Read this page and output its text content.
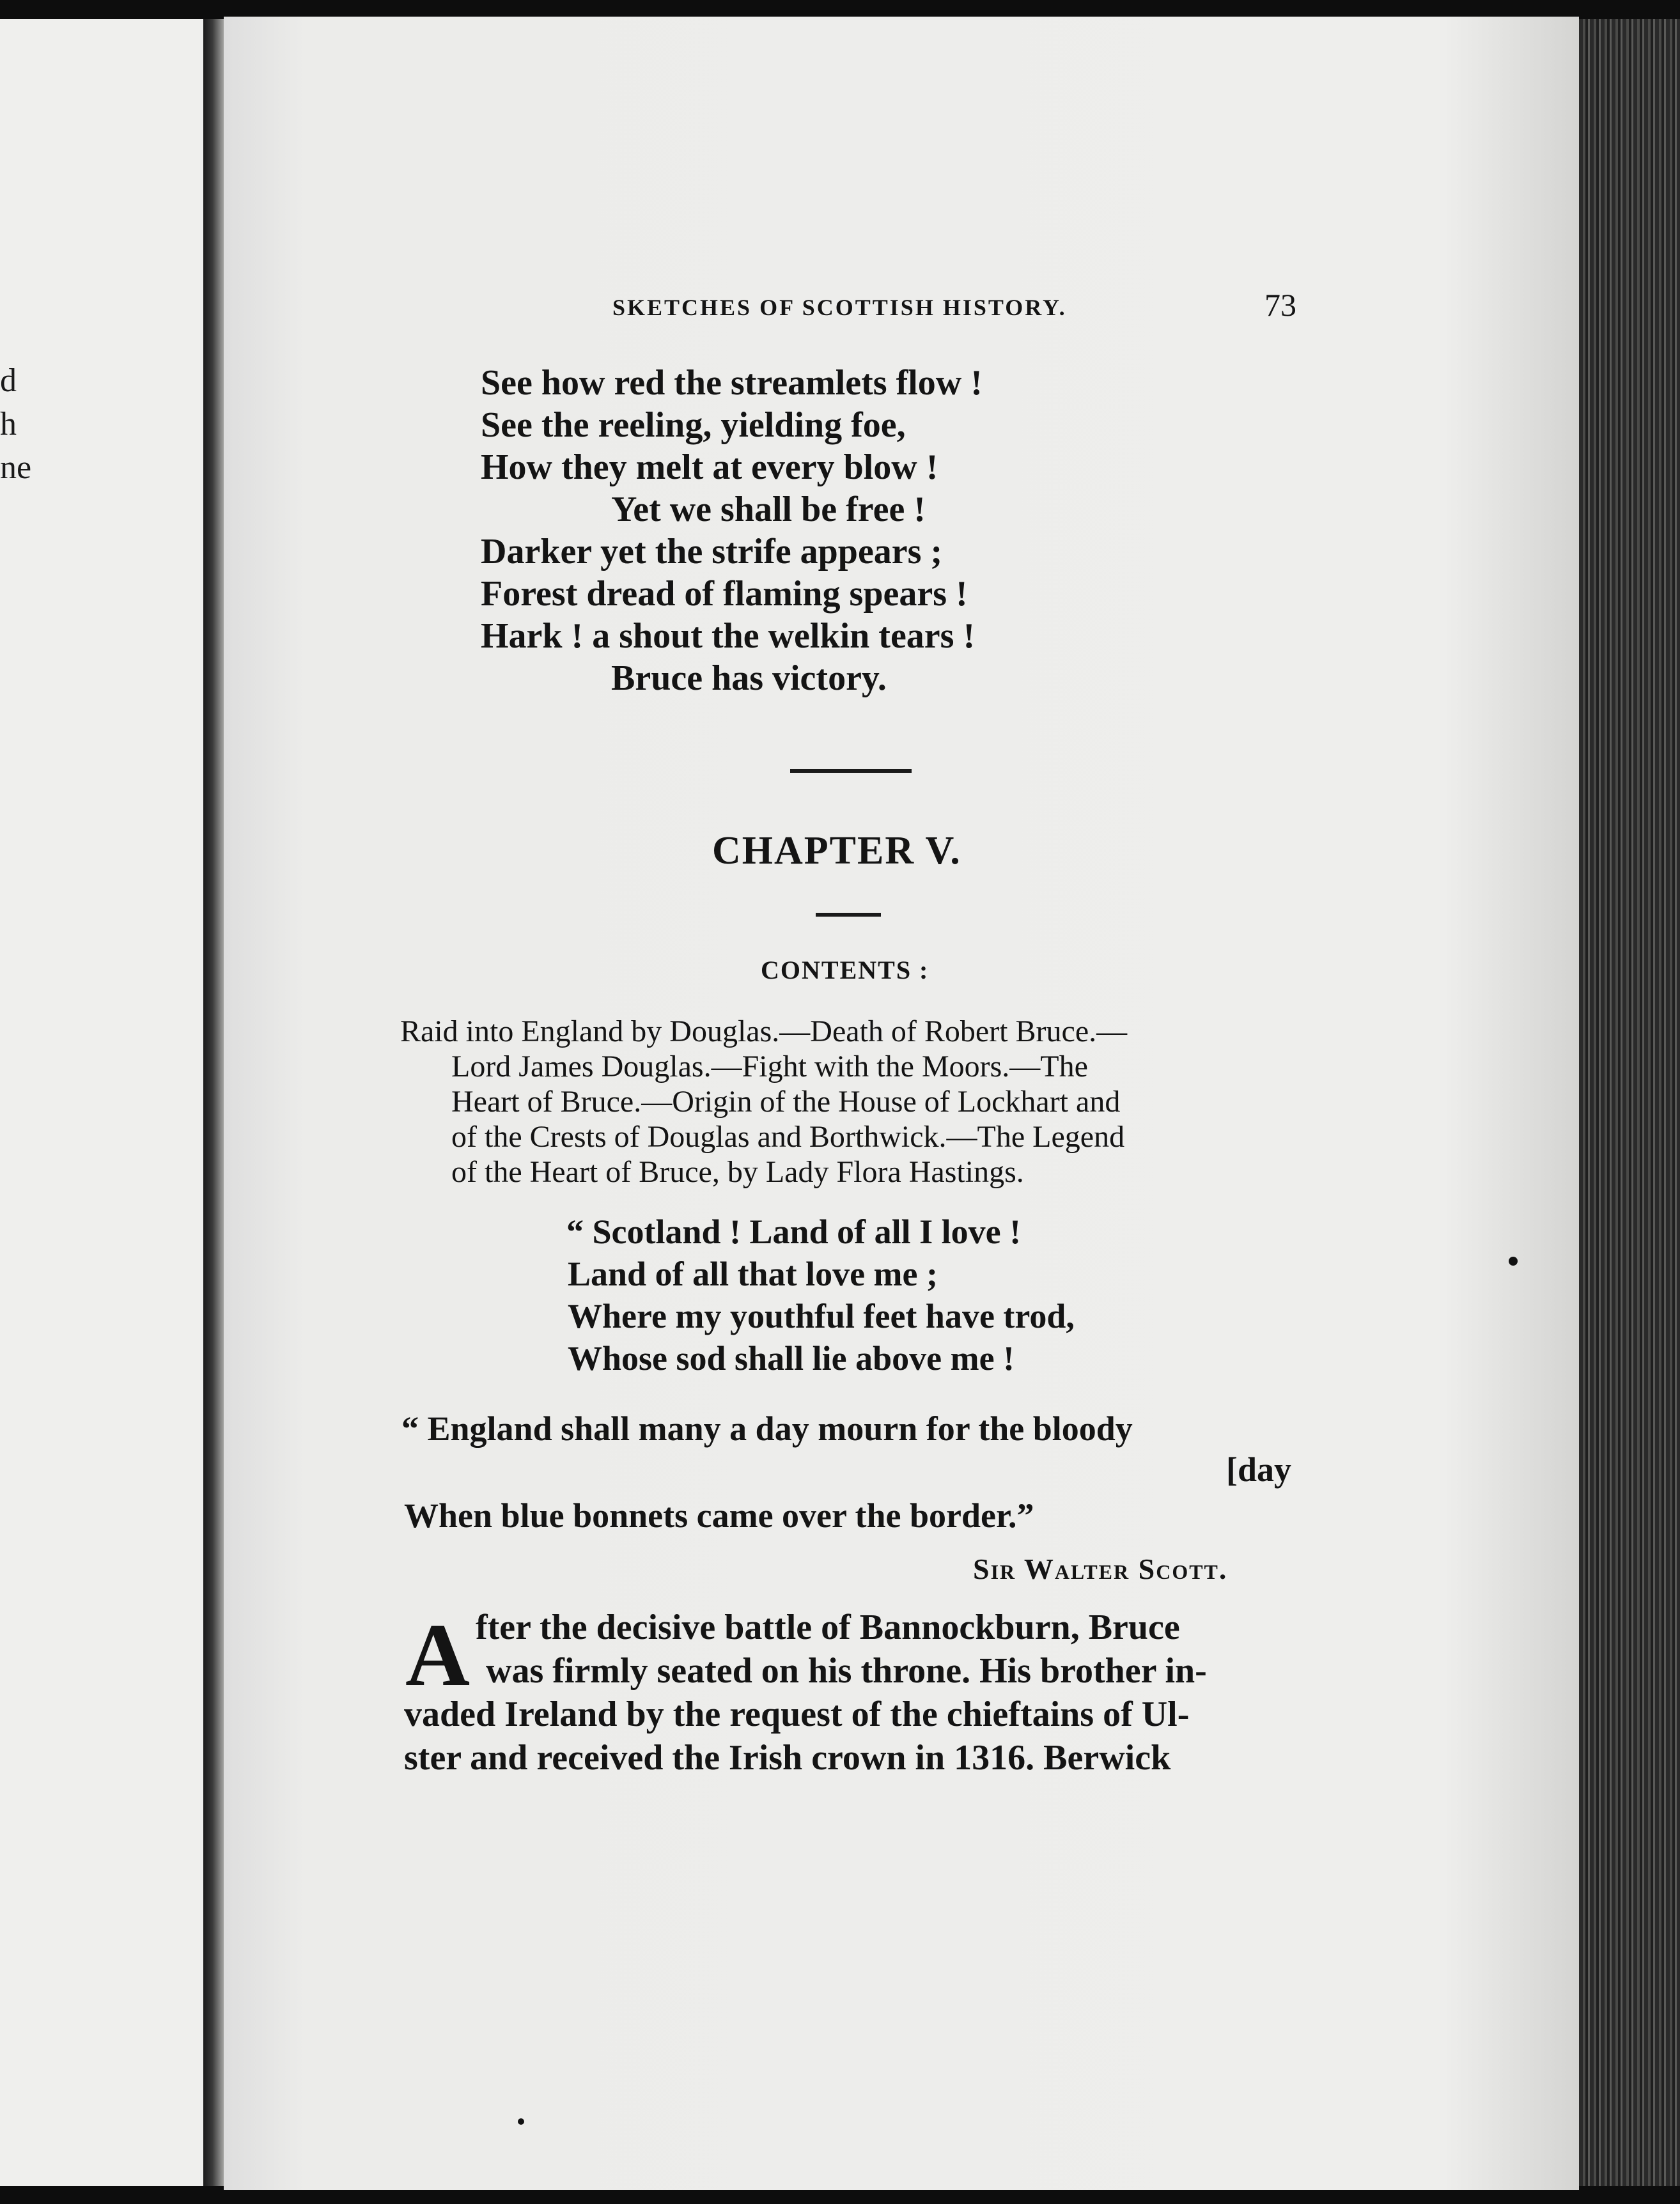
d
h
ne
SKETCHES OF SCOTTISH HISTORY.	73
See how red the streamlets flow !
See the reeling, yielding foe,
How they melt at every blow !
Yet we shall be free !
Darker yet the strife appears ;
Forest dread of flaming spears !
Hark ! a shout the welkin tears !
Bruce has victory.
CHAPTER V.
CONTENTS :
Raid into England by Douglas.—Death of Robert Bruce.—
Lord James Douglas.—Fight with the Moors.—The
Heart of Bruce.—Origin of the House of Lockhart and
of the Crests of Douglas and Borthwick.—The Legend
of the Heart of Bruce, by Lady Flora Hastings.
“ Scotland ! Land of all I love !
Land of all that love me ;
Where my youthful feet have trod,
Whose sod shall lie above me !
“ England shall many a day mourn for the bloody
[day
When blue bonnets came over the border.”
Sir Walter Scott.
A fter the decisive battle of Bannockburn, Bruce
was firmly seated on his throne. His brother in-
vaded Ireland by the request of the chieftains of Ul-
ster and received the Irish crown in 1316. Berwick
